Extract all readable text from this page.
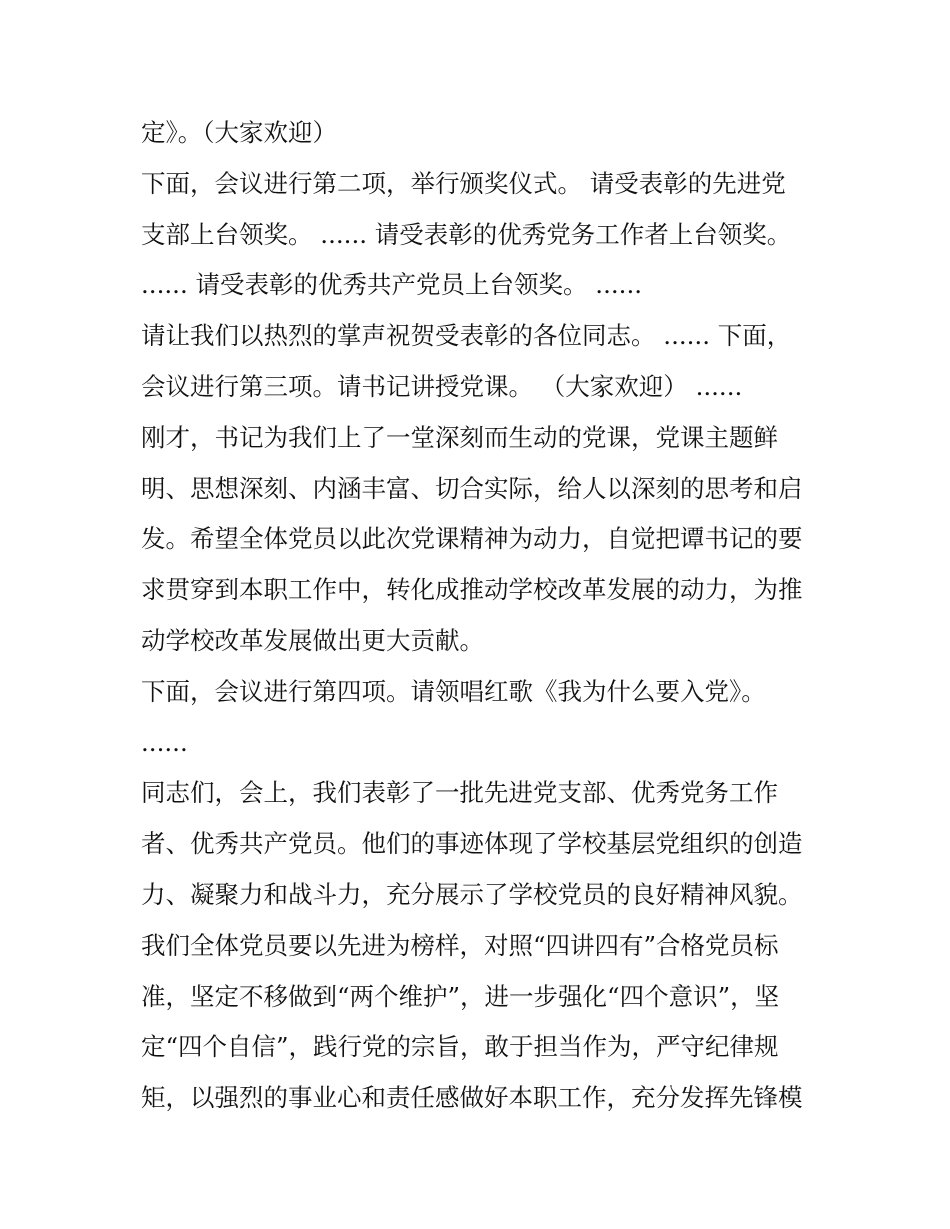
定》。（大家欢迎）
下面，会议进行第二项，举行颁奖仪式。 请受表彰的先进党
支部上台领奖。 ...... 请受表彰的优秀党务工作者上台领奖。
...... 请受表彰的优秀共产党员上台领奖。 ......
请让我们以热烈的掌声祝贺受表彰的各位同志。 ...... 下面，
会议进行第三项。请书记讲授党课。 （大家欢迎） ......
刚才，书记为我们上了一堂深刻而生动的党课，党课主题鲜
明、思想深刻、内涵丰富、切合实际，给人以深刻的思考和启
发。希望全体党员以此次党课精神为动力，自觉把谭书记的要
求贯穿到本职工作中，转化成推动学校改革发展的动力，为推
动学校改革发展做出更大贡献。
下面，会议进行第四项。请领唱红歌《我为什么要入党》。
......
同志们，会上，我们表彰了一批先进党支部、优秀党务工作
者、优秀共产党员。他们的事迹体现了学校基层党组织的创造
力、凝聚力和战斗力，充分展示了学校党员的良好精神风貌。
我们全体党员要以先进为榜样，对照“四讲四有”合格党员标
准，坚定不移做到“两个维护”，进一步强化“四个意识”，坚
定“四个自信”，践行党的宗旨，敢于担当作为，严守纪律规
矩，以强烈的事业心和责任感做好本职工作，充分发挥先锋模
